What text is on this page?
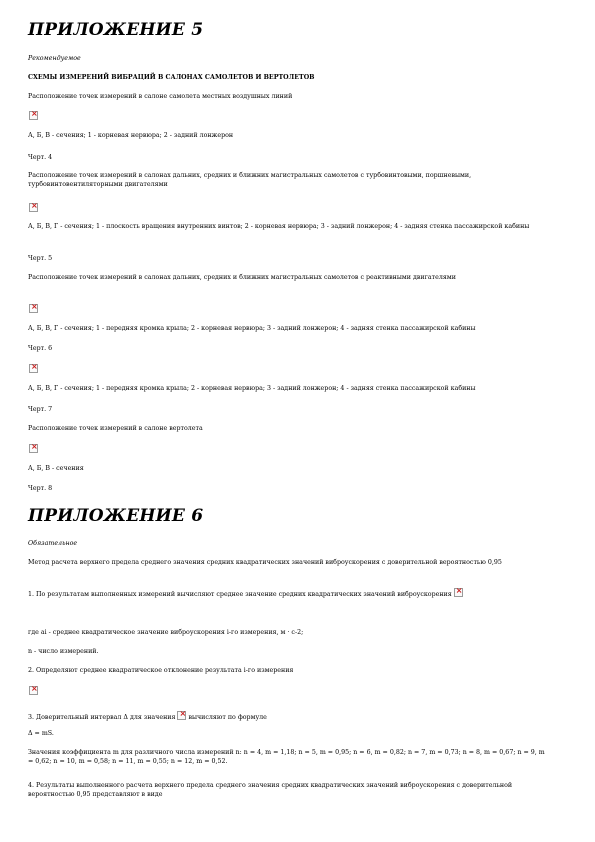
ПРИЛОЖЕНИЕ 5
Рекомендуемое
СХЕМЫ ИЗМЕРЕНИЙ ВИБРАЦИЙ В САЛОНАХ САМОЛЕТОВ И ВЕРТОЛЕТОВ
Расположение точек измерений в салоне самолета местных воздушных линий
×
А, Б, В - сечения; 1 - корневая нервюра; 2 - задний лонжерон
Черт. 4
Расположение точек измерений в салонах дальних, средних и ближних магистральных самолетов с турбовинтовыми, поршневыми, турбовинтовентиляторными двигателями
×
А, Б, В, Г - сечения; 1 - плоскость вращения внутренних винтов; 2 - корневая нервюра; 3 - задний лонжерон; 4 - задняя стенка пассажирской кабины
Черт. 5
Расположение точек измерений в салонах дальних, средних и ближних магистральных самолетов с реактивными двигателями
×
А, Б, В, Г - сечения; 1 - передняя кромка крыла; 2 - корневая нервюра; 3 - задний лонжерон; 4 - задняя стенка пассажирской кабины
Черт. 6
×
А, Б, В, Г - сечения; 1 - передняя кромка крыла; 2 - корневая нервюра; 3 - задний лонжерон; 4 - задняя стенка пассажирской кабины
Черт. 7
Расположение точек измерений в салоне вертолета
×
А, Б, В - сечения
Черт. 8
ПРИЛОЖЕНИЕ 6
Обязательное
Метод расчета верхнего предела среднего значения средних квадратических значений виброускорения с доверительной вероятностью 0,95
1. По результатам выполненных измерений вычисляют среднее значение средних квадратических значений виброускорения×
где ai - среднее квадратическое значение виброускорения i-го измерения, м · с-2;
n - число измерений.
2. Определяют среднее квадратическое отклонение результата i-го измерения
×
3. Доверительный интервал Δ для значения× вычисляют по формуле
Δ = mS.
Значения коэффициента m для различного числа измерений n: n = 4, m = 1,18; n = 5, m = 0,95; n = 6, m = 0,82; n = 7, m = 0,73; n = 8, m = 0,67; n = 9, m = 0,62; n = 10, m = 0,58; n = 11, m = 0,55; n = 12, m = 0,52.
4. Результаты выполненного расчета верхнего предела среднего значения средних квадратических значений виброускорения с доверительной вероятностью 0,95 представляют в виде
